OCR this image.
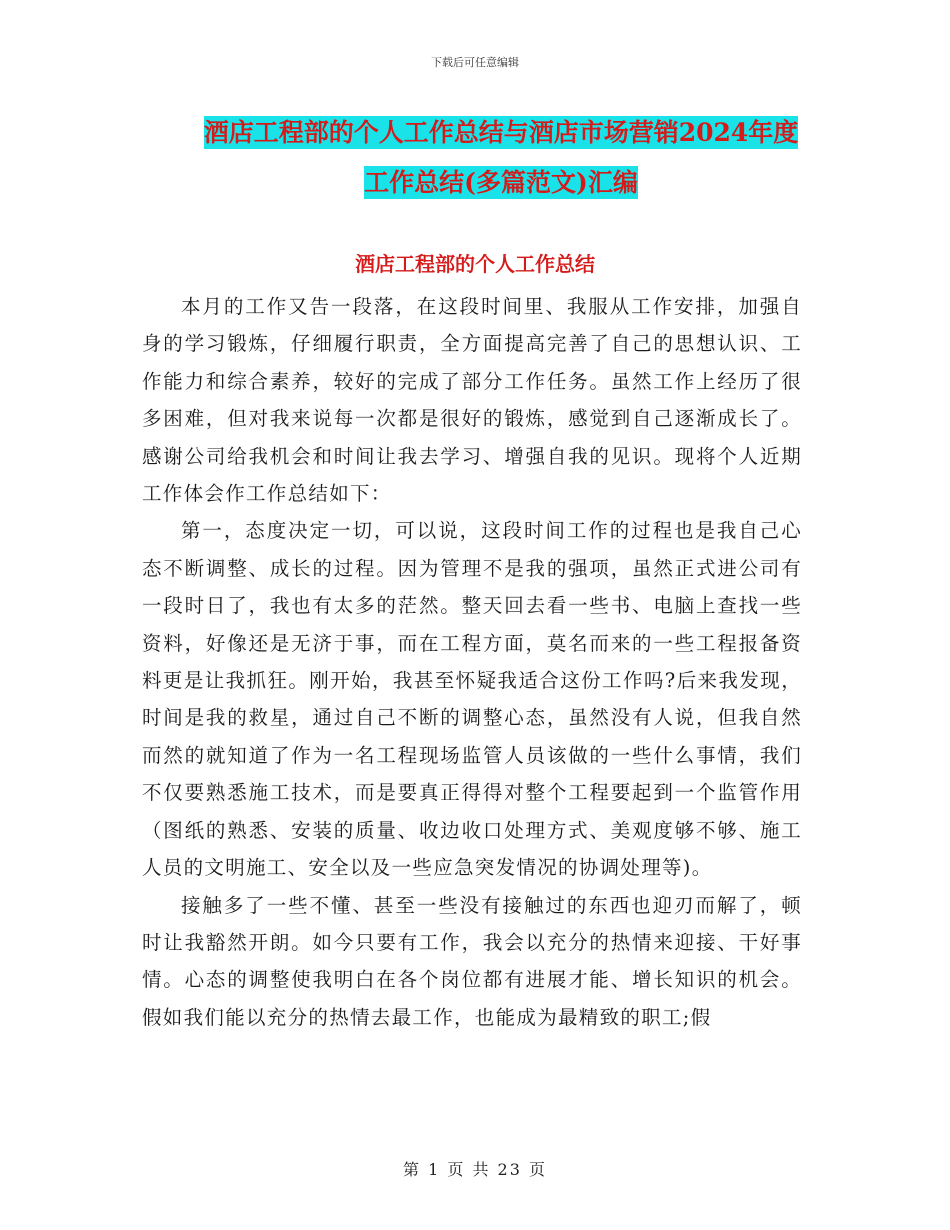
下载后可任意编辑
酒店工程部的个人工作总结与酒店市场营销2024年度
工作总结(多篇范文)汇编
酒店工程部的个人工作总结

本月的工作又告一段落，在这段时间里、我服从工作安排，加强自身的学习锻炼，仔细履行职责，全方面提高完善了自己的思想认识、工作能力和综合素养，较好的完成了部分工作任务。虽然工作上经历了很多困难，但对我来说每一次都是很好的锻炼，感觉到自己逐渐成长了。感谢公司给我机会和时间让我去学习、增强自我的见识。现将个人近期工作体会作工作总结如下：

第一，态度决定一切，可以说，这段时间工作的过程也是我自己心态不断调整、成长的过程。因为管理不是我的强项，虽然正式进公司有一段时日了，我也有太多的茫然。整天回去看一些书、电脑上查找一些资料，好像还是无济于事，而在工程方面，莫名而来的一些工程报备资料更是让我抓狂。刚开始，我甚至怀疑我适合这份工作吗?后来我发现，时间是我的救星，通过自己不断的调整心态，虽然没有人说，但我自然而然的就知道了作为一名工程现场监管人员该做的一些什么事情，我们不仅要熟悉施工技术，而是要真正得得对整个工程要起到一个监管作用（图纸的熟悉、安装的质量、收边收口处理方式、美观度够不够、施工人员的文明施工、安全以及一些应急突发情况的协调处理等)。

接触多了一些不懂、甚至一些没有接触过的东西也迎刃而解了，顿时让我豁然开朗。如今只要有工作，我会以充分的热情来迎接、干好事情。心态的调整使我明白在各个岗位都有进展才能、增长知识的机会。假如我们能以充分的热情去最工作，也能成为最精致的职工;假

第 1 页 共 23 页
